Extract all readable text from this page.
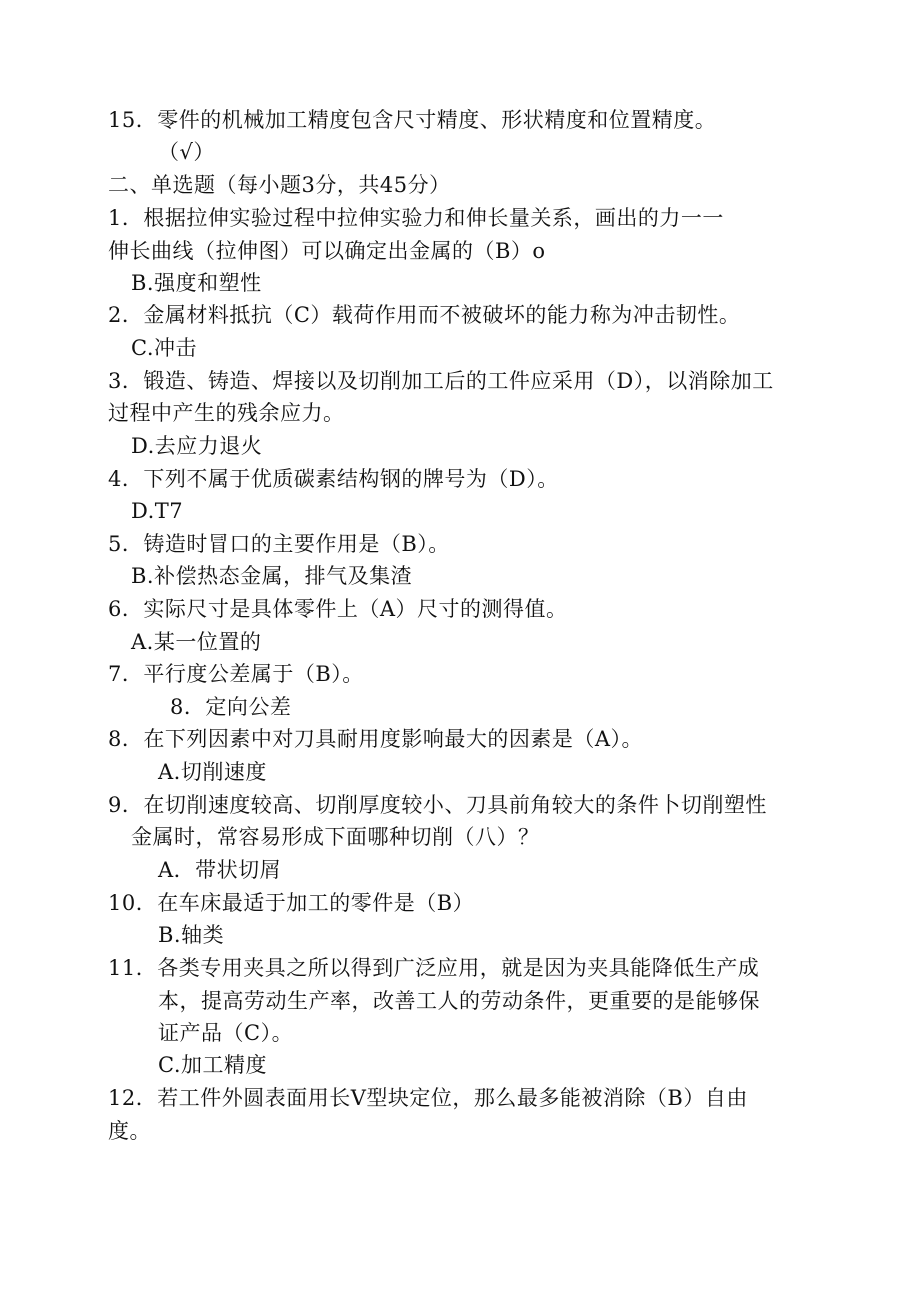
15．零件的机械加工精度包含尺寸精度、形状精度和位置精度。
（√）
二、单选题（每小题3分，共45分）
1．根据拉伸实验过程中拉伸实验力和伸长量关系，画出的力一一
伸长曲线（拉伸图）可以确定出金属的（B）o
B.强度和塑性
2．金属材料抵抗（C）载荷作用而不被破坏的能力称为冲击韧性。
C.冲击
3．锻造、铸造、焊接以及切削加工后的工件应采用（D），以消除加工
过程中产生的残余应力。
D.去应力退火
4．下列不属于优质碳素结构钢的牌号为（D）。
D.T7
5．铸造时冒口的主要作用是（B）。
B.补偿热态金属，排气及集渣
6．实际尺寸是具体零件上（A）尺寸的测得值。
A.某一位置的
7．平行度公差属于（B）。
8．定向公差
8．在下列因素中对刀具耐用度影响最大的因素是（A）。
A.切削速度
9．在切削速度较高、切削厚度较小、刀具前角较大的条件卜切削塑性
金属时，常容易形成下面哪种切削（八）？
A．带状切屑
10．在车床最适于加工的零件是（B）
B.轴类
11．各类专用夹具之所以得到广泛应用，就是因为夹具能降低生产成
本，提高劳动生产率，改善工人的劳动条件，更重要的是能够保
证产品（C）。
C.加工精度
12．若工件外圆表面用长V型块定位，那么最多能被消除（B）自由
度。
